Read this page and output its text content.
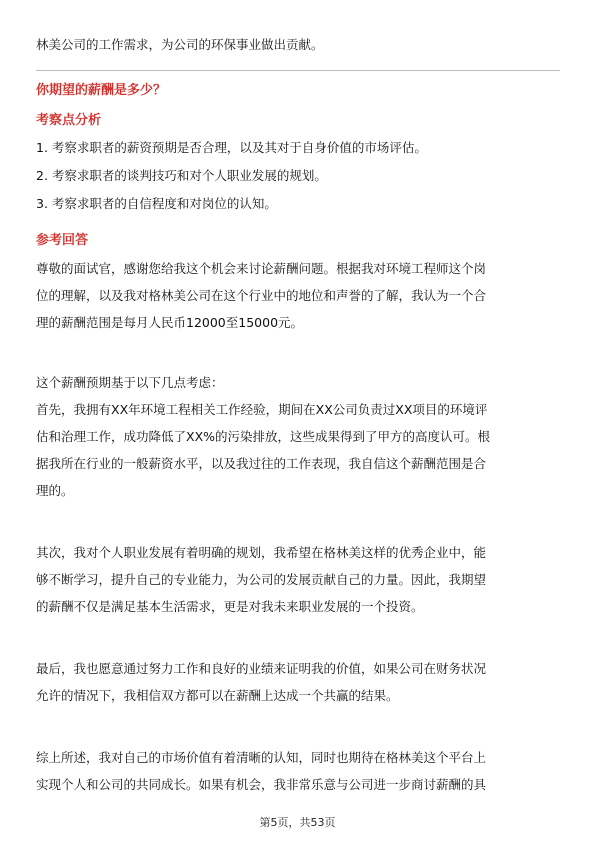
林美公司的工作需求，为公司的环保事业做出贡献。
你期望的薪酬是多少？
考察点分析
1. 考察求职者的薪资预期是否合理，以及其对于自身价值的市场评估。
2. 考察求职者的谈判技巧和对个人职业发展的规划。
3. 考察求职者的自信程度和对岗位的认知。
参考回答
尊敬的面试官，感谢您给我这个机会来讨论薪酬问题。根据我对环境工程师这个岗
位的理解，以及我对格林美公司在这个行业中的地位和声誉的了解，我认为一个合
理的薪酬范围是每月人民币12000至15000元。
这个薪酬预期基于以下几点考虑：
首先，我拥有XX年环境工程相关工作经验，期间在XX公司负责过XX项目的环境评
估和治理工作，成功降低了XX%的污染排放，这些成果得到了甲方的高度认可。根
据我所在行业的一般薪资水平，以及我过往的工作表现，我自信这个薪酬范围是合
理的。
其次，我对个人职业发展有着明确的规划，我希望在格林美这样的优秀企业中，能
够不断学习，提升自己的专业能力，为公司的发展贡献自己的力量。因此，我期望
的薪酬不仅是满足基本生活需求，更是对我未来职业发展的一个投资。
最后，我也愿意通过努力工作和良好的业绩来证明我的价值，如果公司在财务状况
允许的情况下，我相信双方都可以在薪酬上达成一个共赢的结果。
综上所述，我对自己的市场价值有着清晰的认知，同时也期待在格林美这个平台上
实现个人和公司的共同成长。如果有机会，我非常乐意与公司进一步商讨薪酬的具
第5页，共53页
